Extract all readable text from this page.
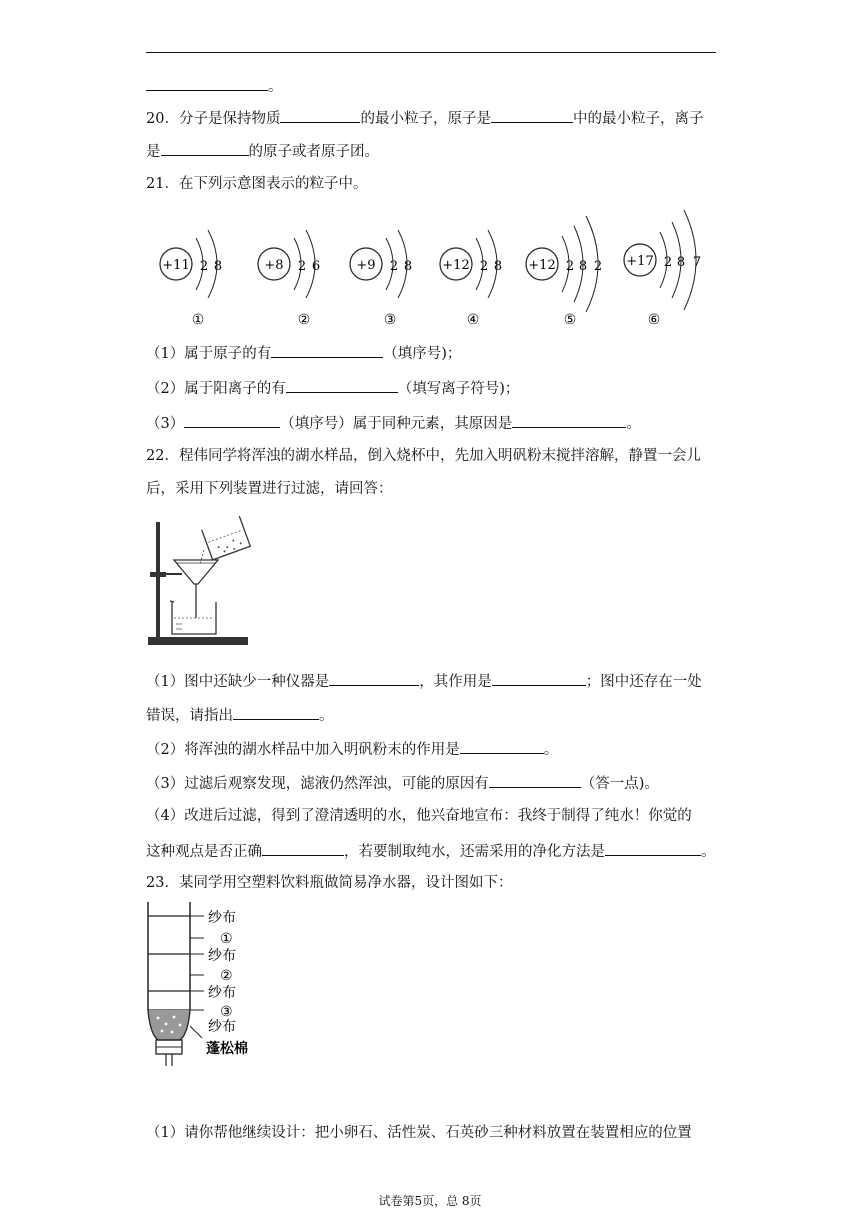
。
20．分子是保持物质	的最小粒子，原子是	中的最小粒子，离子
是	的原子或者原子团。
21．在下列示意图表示的粒子中。
+11 2 8
①
+8 2 6
②
+9 2 8
③
+12 2 8
④
+12 2 8 2
⑤
+17 2 8 7
⑥
（1）属于原子的有	（填序号)；
（2）属于阳离子的有	（填写离子符号)；
（3）	（填序号）属于同种元素，其原因是	。
22．程伟同学将浑浊的湖水样品，倒入烧杯中，先加入明矾粉末搅拌溶解，静置一会儿
后，采用下列装置进行过滤，请回答：
（1）图中还缺少一种仪器是	，其作用是	；图中还存在一处
错误，请指出	。
（2）将浑浊的湖水样品中加入明矾粉末的作用是	。
（3）过滤后观察发现，滤液仍然浑浊，可能的原因有	（答一点)。
（4）改进后过滤，得到了澄清透明的水，他兴奋地宣布：我终于制得了纯水！你觉的
这种观点是否正确	，若要制取纯水，还需采用的净化方法是	。
23．某同学用空塑料饮料瓶做简易净水器，设计图如下：
纱布
①
纱布
②
纱布
③
纱布
蓬松棉
（1）请你帮他继续设计：把小卵石、活性炭、石英砂三种材料放置在装置相应的位置
试卷第5页，总 8页
